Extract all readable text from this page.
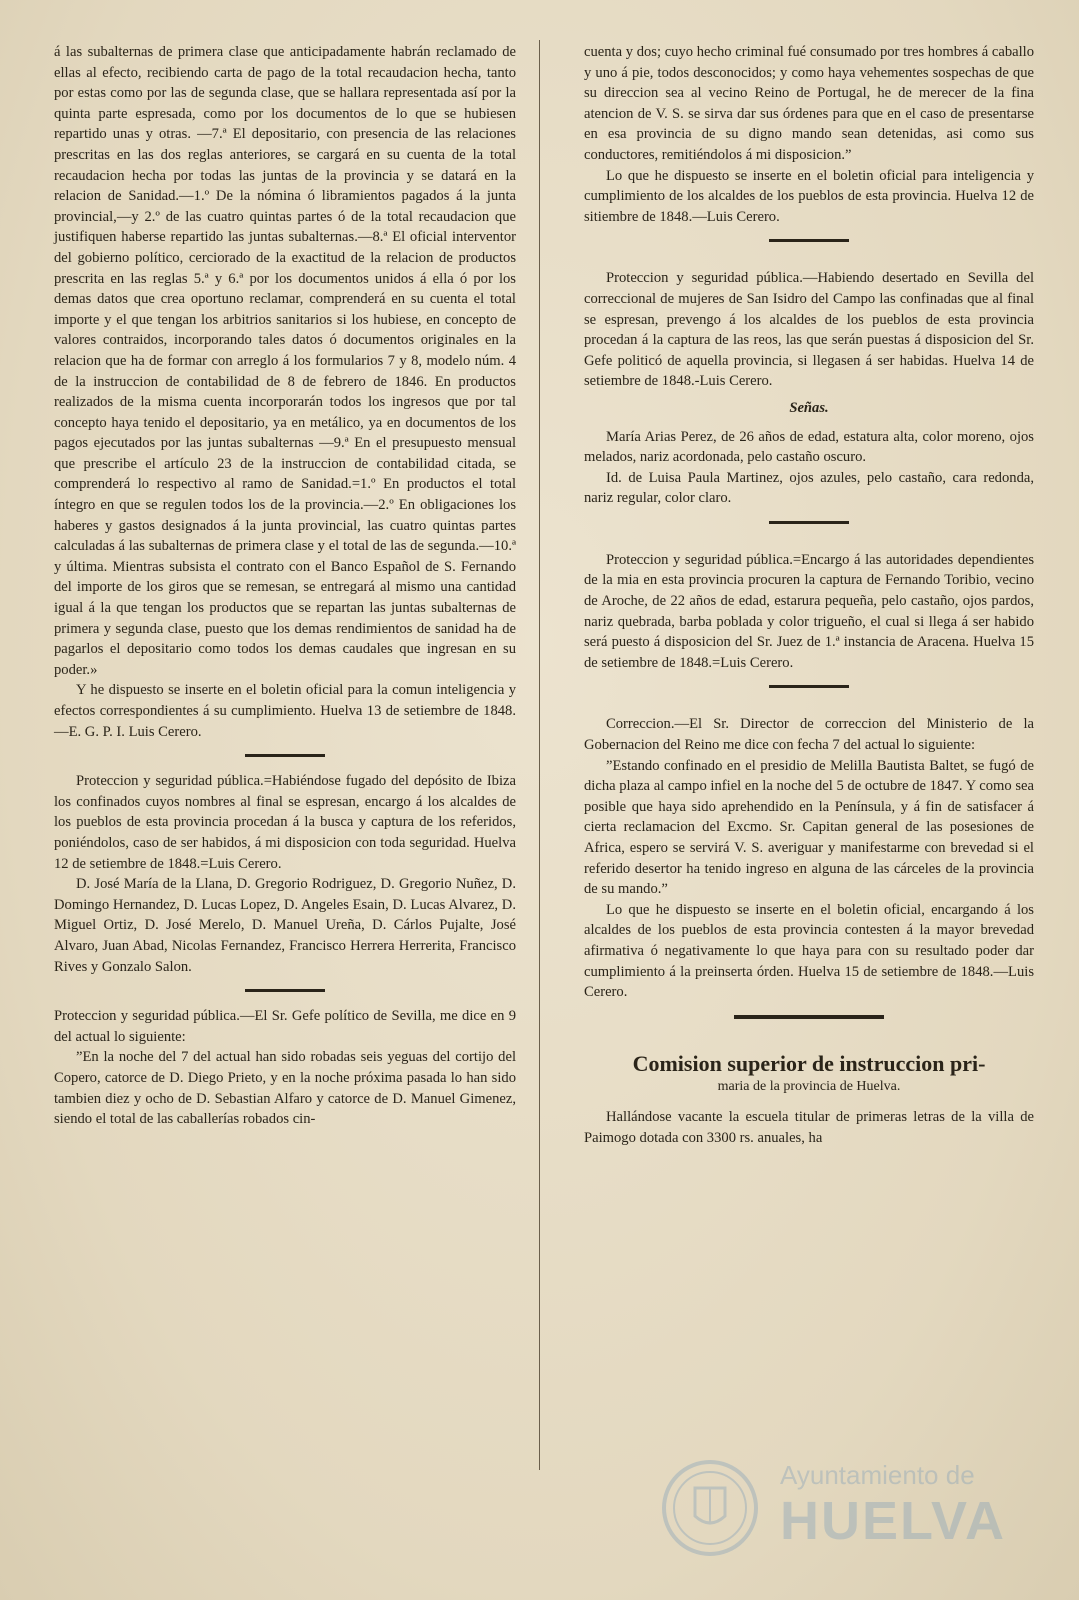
á las subalternas de primera clase que anticipadamente habrán reclamado de ellas al efecto, recibiendo carta de pago de la total recaudacion hecha, tanto por estas como por las de segunda clase, que se hallara representada así por la quinta parte espresada, como por los documentos de lo que se hubiesen repartido unas y otras. —7.ª El depositario, con presencia de las relaciones prescritas en las dos reglas anteriores, se cargará en su cuenta de la total recaudacion hecha por todas las juntas de la provincia y se datará en la relacion de Sanidad.—1.º De la nómina ó libramientos pagados á la junta provincial,—y 2.º de las cuatro quintas partes ó de la total recaudacion que justifiquen haberse repartido las juntas subalternas.—8.ª El oficial interventor del gobierno político, cerciorado de la exactitud de la relacion de productos prescrita en las reglas 5.ª y 6.ª por los documentos unidos á ella ó por los demas datos que crea oportuno reclamar, comprenderá en su cuenta el total importe y el que tengan los arbitrios sanitarios si los hubiese, en concepto de valores contraidos, incorporando tales datos ó documentos originales en la relacion que ha de formar con arreglo á los formularios 7 y 8, modelo núm. 4 de la instruccion de contabilidad de 8 de febrero de 1846. En productos realizados de la misma cuenta incorporarán todos los ingresos que por tal concepto haya tenido el depositario, ya en metálico, ya en documentos de los pagos ejecutados por las juntas subalternas —9.ª En el presupuesto mensual que prescribe el artículo 23 de la instruccion de contabilidad citada, se comprenderá lo respectivo al ramo de Sanidad.=1.º En productos el total íntegro en que se regulen todos los de la provincia.—2.º En obligaciones los haberes y gastos designados á la junta provincial, las cuatro quintas partes calculadas á las subalternas de primera clase y el total de las de segunda.—10.ª y última. Mientras subsista el contrato con el Banco Español de S. Fernando del importe de los giros que se remesan, se entregará al mismo una cantidad igual á la que tengan los productos que se repartan las juntas subalternas de primera y segunda clase, puesto que los demas rendimientos de sanidad ha de pagarlos el depositario como todos los demas caudales que ingresan en su poder.»

Y he dispuesto se inserte en el boletin oficial para la comun inteligencia y efectos correspondientes á su cumplimiento. Huelva 13 de setiembre de 1848.—E. G. P. I. Luis Cerero.

Proteccion y seguridad pública.=Habiéndose fugado del depósito de Ibiza los confinados cuyos nombres al final se espresan, encargo á los alcaldes de los pueblos de esta provincia procedan á la busca y captura de los referidos, poniéndolos, caso de ser habidos, á mi disposicion con toda seguridad. Huelva 12 de setiembre de 1848.=Luis Cerero.

D. José María de la Llana, D. Gregorio Rodriguez, D. Gregorio Nuñez, D. Domingo Hernandez, D. Lucas Lopez, D. Angeles Esain, D. Lucas Alvarez, D. Miguel Ortiz, D. José Merelo, D. Manuel Ureña, D. Cárlos Pujalte, José Alvaro, Juan Abad, Nicolas Fernandez, Francisco Herrera Herrerita, Francisco Rives y Gonzalo Salon.

Proteccion y seguridad pública.—El Sr. Gefe político de Sevilla, me dice en 9 del actual lo siguiente:

”En la noche del 7 del actual han sido robadas seis yeguas del cortijo del Copero, catorce de D. Diego Prieto, y en la noche próxima pasada lo han sido tambien diez y ocho de D. Sebastian Alfaro y catorce de D. Manuel Gimenez, siendo el total de las caballerías robados cin-

cuenta y dos; cuyo hecho criminal fué consumado por tres hombres á caballo y uno á pie, todos desconocidos; y como haya vehementes sospechas de que su direccion sea al vecino Reino de Portugal, he de merecer de la fina atencion de V. S. se sirva dar sus órdenes para que en el caso de presentarse en esa provincia de su digno mando sean detenidas, asi como sus conductores, remitiéndolos á mi disposicion.”

Lo que he dispuesto se inserte en el boletin oficial para inteligencia y cumplimiento de los alcaldes de los pueblos de esta provincia. Huelva 12 de sitiembre de 1848.—Luis Cerero.

Proteccion y seguridad pública.—Habiendo desertado en Sevilla del correccional de mujeres de San Isidro del Campo las confinadas que al final se espresan, prevengo á los alcaldes de los pueblos de esta provincia procedan á la captura de las reos, las que serán puestas á disposicion del Sr. Gefe politicó de aquella provincia, si llegasen á ser habidas. Huelva 14 de setiembre de 1848.-Luis Cerero.

Señas.

María Arias Perez, de 26 años de edad, estatura alta, color moreno, ojos melados, nariz acordonada, pelo castaño oscuro.

Id. de Luisa Paula Martinez, ojos azules, pelo castaño, cara redonda, nariz regular, color claro.

Proteccion y seguridad pública.=Encargo á las autoridades dependientes de la mia en esta provincia procuren la captura de Fernando Toribio, vecino de Aroche, de 22 años de edad, estarura pequeña, pelo castaño, ojos pardos, nariz quebrada, barba poblada y color trigueño, el cual si llega á ser habido será puesto á disposicion del Sr. Juez de 1.ª instancia de Aracena. Huelva 15 de setiembre de 1848.=Luis Cerero.

Correccion.—El Sr. Director de correccion del Ministerio de la Gobernacion del Reino me dice con fecha 7 del actual lo siguiente:

”Estando confinado en el presidio de Melilla Bautista Baltet, se fugó de dicha plaza al campo infiel en la noche del 5 de octubre de 1847. Y como sea posible que haya sido aprehendido en la Península, y á fin de satisfacer á cierta reclamacion del Excmo. Sr. Capitan general de las posesiones de Africa, espero se servirá V. S. averiguar y manifestarme con brevedad si el referido desertor ha tenido ingreso en alguna de las cárceles de la provincia de su mando.”

Lo que he dispuesto se inserte en el boletin oficial, encargando á los alcaldes de los pueblos de esta provincia contesten á la mayor brevedad afirmativa ó negativamente lo que haya para con su resultado poder dar cumplimiento á la preinserta órden. Huelva 15 de setiembre de 1848.—Luis Cerero.

Comision superior de instruccion pri-

maria de la provincia de Huelva.

Hallándose vacante la escuela titular de primeras letras de la villa de Paimogo dotada con 3300 rs. anuales, ha

Ayuntamiento de
HUELVA
